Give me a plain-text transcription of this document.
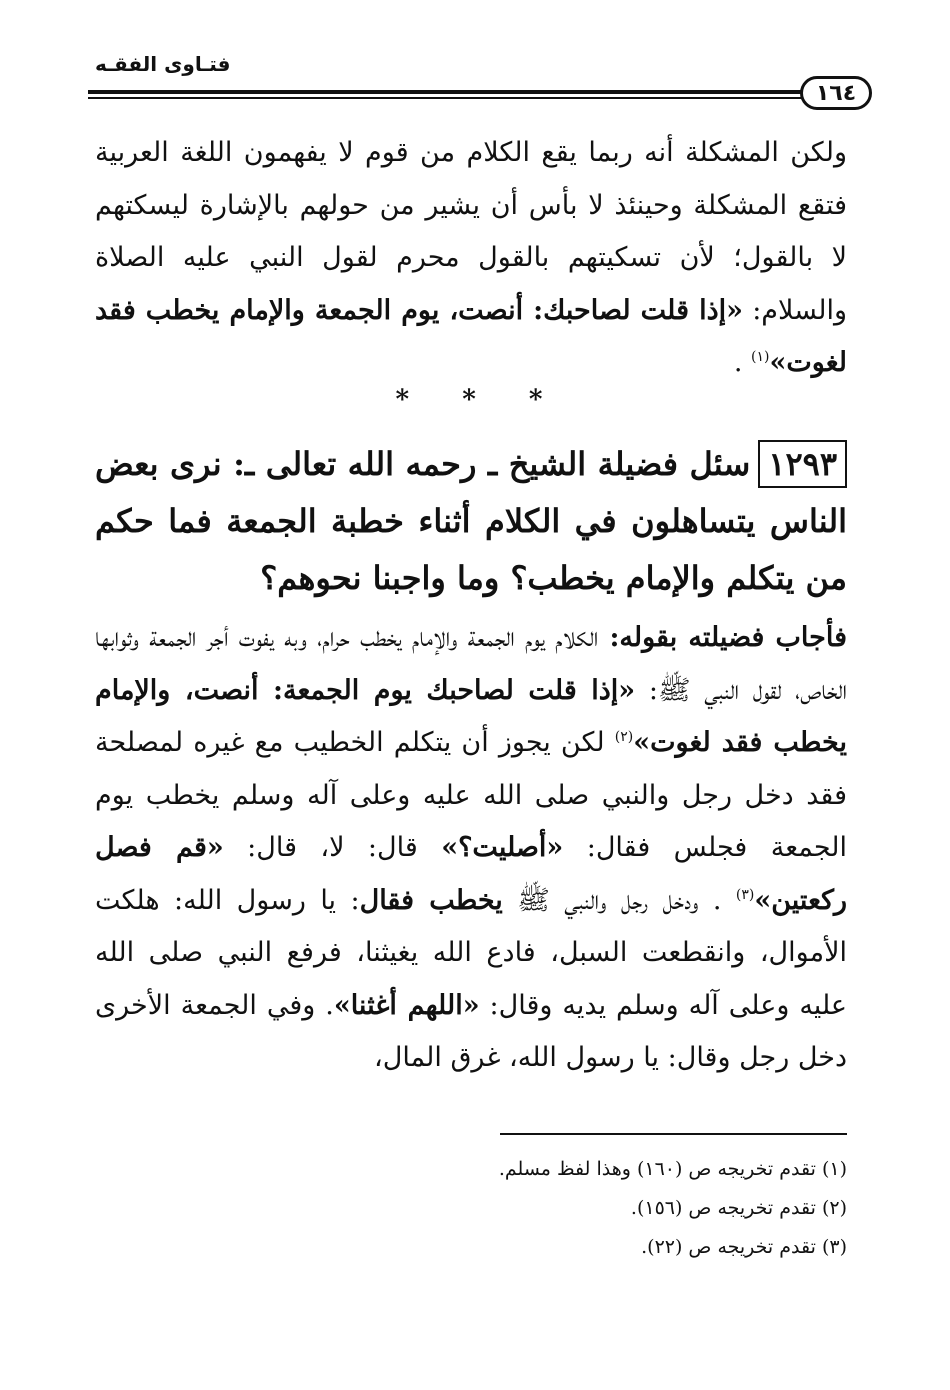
فتـاوى الفقـه
١٦٤
ولكن المشكلة أنه ربما يقع الكلام من قوم لا يفهمون اللغة العربية فتقع المشكلة وحينئذ لا بأس أن يشير من حولهم بالإشارة ليسكتهم لا بالقول؛ لأن تسكيتهم بالقول محرم لقول النبي عليه الصلاة والسلام: «إذا قلت لصاحبك: أنصت، يوم الجمعة والإمام يخطب فقد لغوت»$^{(١)}$ .
* * *
١٢٩٣سئل فضيلة الشيخ ـ رحمه الله تعالى ـ: نرى بعض الناس يتساهلون في الكلام أثناء خطبة الجمعة فما حكم من يتكلم والإمام يخطب؟ وما واجبنا نحوهم؟
فأجاب فضيلته بقوله: الكلام يوم الجمعة والإمام يخطب حرام، وبه يفوت أجر الجمعة وثوابها الخاص، لقول النبي ﷺ: «إذا قلت لصاحبك يوم الجمعة: أنصت، والإمام يخطب فقد لغوت»$^{(٢)}$ لكن يجوز أن يتكلم الخطيب مع غيره لمصلحة فقد دخل رجل والنبي صلى الله عليه وعلى آله وسلم يخطب يوم الجمعة فجلس فقال: «أصليت؟» قال: لا، قال: «قم فصل ركعتين»$^{(٣)}$ . ودخل رجل والنبي ﷺ يخطب فقال: يا رسول الله: هلكت الأموال، وانقطعت السبل، فادع الله يغيثنا، فرفع النبي صلى الله عليه وعلى آله وسلم يديه وقال: «اللهم أغثنا». وفي الجمعة الأخرى دخل رجل وقال: يا رسول الله، غرق المال،
(١) تقدم تخريجه ص (١٦٠) وهذا لفظ مسلم.
(٢) تقدم تخريجه ص (١٥٦).
(٣) تقدم تخريجه ص (٢٢).
